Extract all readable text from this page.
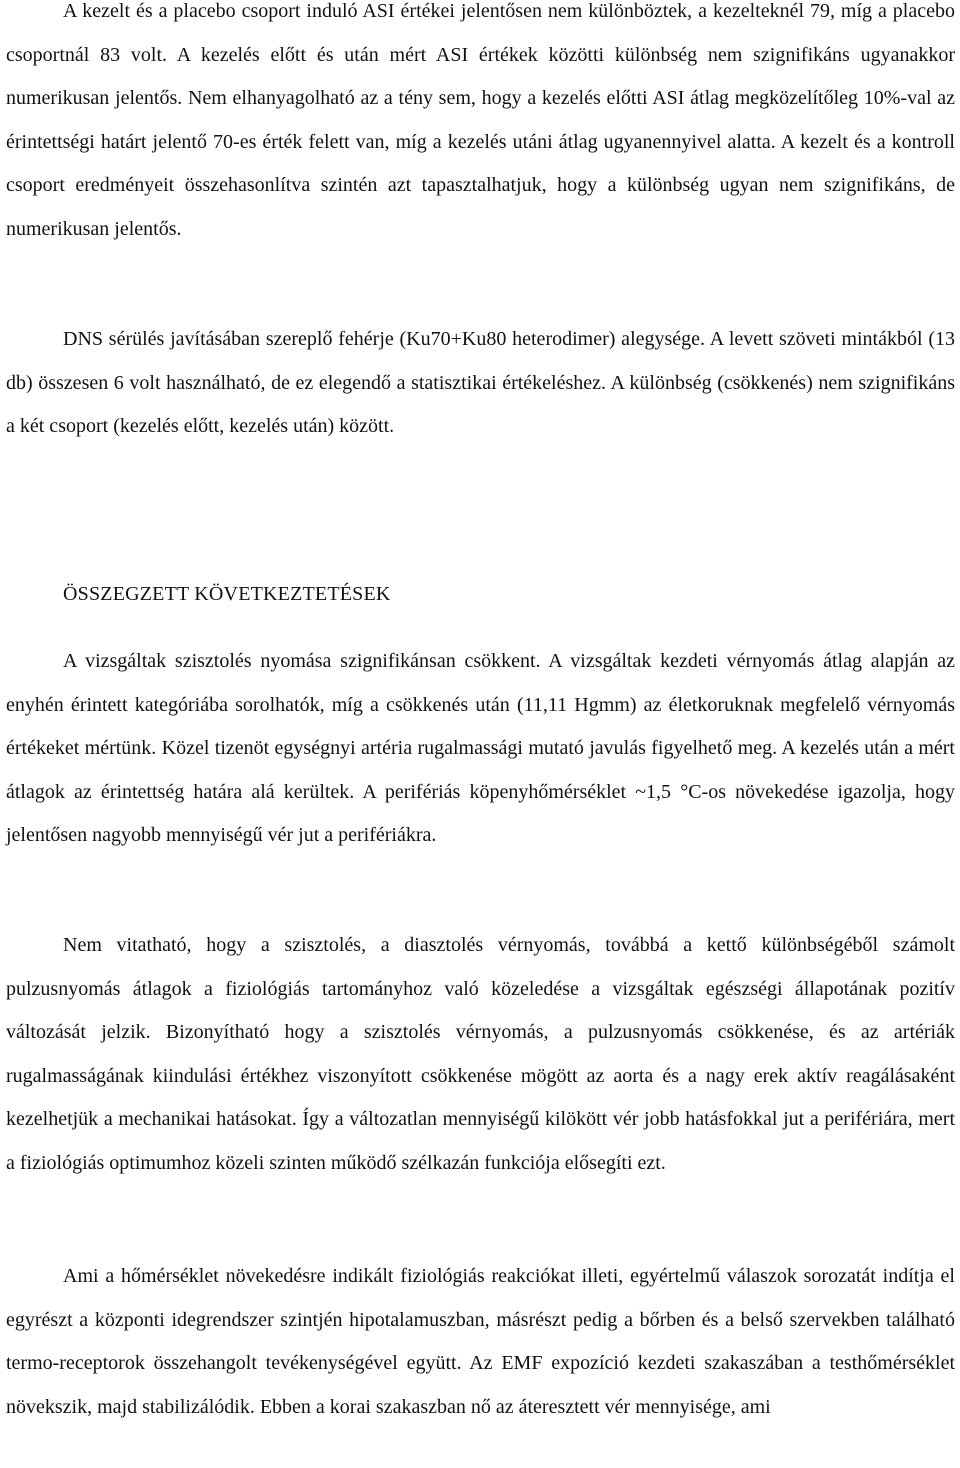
A kezelt és a placebo csoport induló ASI értékei jelentősen nem különböztek, a kezelteknél 79, míg a placebo csoportnál 83 volt. A kezelés előtt és után mért ASI értékek közötti különbség nem szignifikáns ugyanakkor numerikusan jelentős. Nem elhanyagolható az a tény sem, hogy a kezelés előtti ASI átlag megközelítőleg 10%-val az érintettségi határt jelentő 70-es érték felett van, míg a kezelés utáni átlag ugyanennyivel alatta. A kezelt és a kontroll csoport eredményeit összehasonlítva szintén azt tapasztalhatjuk, hogy a különbség ugyan nem szignifikáns, de numerikusan jelentős.

DNS sérülés javításában szereplő fehérje (Ku70+Ku80 heterodimer) alegysége. A levett szöveti mintákból (13 db) összesen 6 volt használható, de ez elegendő a statisztikai értékeléshez. A különbség (csökkenés) nem szignifikáns a két csoport (kezelés előtt, kezelés után) között.

ÖSSZEGZETT KÖVETKEZTETÉSEK

A vizsgáltak szisztolés nyomása szignifikánsan csökkent. A vizsgáltak kezdeti vérnyomás átlag alapján az enyhén érintett kategóriába sorolhatók, míg a csökkenés után (11,11 Hgmm) az életkoruknak megfelelő vérnyomás értékeket mértünk. Közel tizenöt egységnyi artéria rugalmassági mutató javulás figyelhető meg. A kezelés után a mért átlagok az érintettség határa alá kerültek. A perifériás köpenyhőmérséklet ~1,5 °C-os növekedése igazolja, hogy jelentősen nagyobb mennyiségű vér jut a perifériákra.

Nem vitatható, hogy a szisztolés, a diasztolés vérnyomás, továbbá a kettő különbségéből számolt pulzusnyomás átlagok a fiziológiás tartományhoz való közeledése a vizsgáltak egészségi állapotának pozitív változását jelzik. Bizonyítható hogy a szisztolés vérnyomás, a pulzusnyomás csökkenése, és az artériák rugalmasságának kiindulási értékhez viszonyított csökkenése mögött az aorta és a nagy erek aktív reagálásaként kezelhetjük a mechanikai hatásokat. Így a változatlan mennyiségű kilökött vér jobb hatásfokkal jut a perifériára, mert a fiziológiás optimumhoz közeli szinten működő szélkazán funkciója elősegíti ezt.

Ami a hőmérséklet növekedésre indikált fiziológiás reakciókat illeti, egyértelmű válaszok sorozatát indítja el egyrészt a központi idegrendszer szintjén hipotalamuszban, másrészt pedig a bőrben és a belső szervekben található termo-receptorok összehangolt tevékenységével együtt. Az EMF expozíció kezdeti szakaszában a testhőmérséklet növekszik, majd stabilizálódik. Ebben a korai szakaszban nő az áteresztett vér mennyisége, ami
